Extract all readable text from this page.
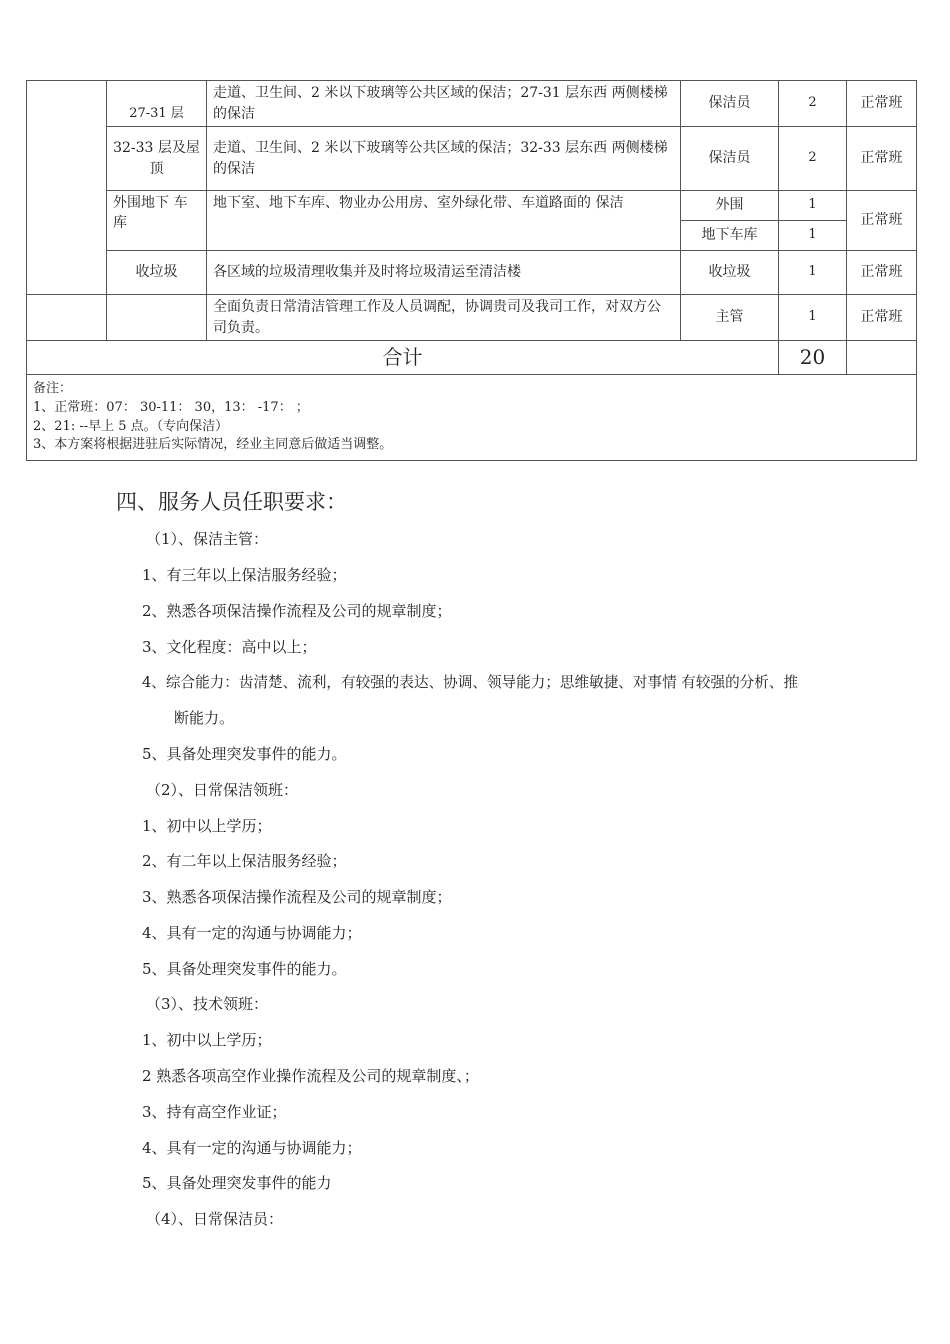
	27-31 层	走道、卫生间、2 米以下玻璃等公共区域的保洁；27-31 层东西 两侧楼梯的保洁	保洁员	2	正常班
	32-33 层及屋顶	走道、卫生间、2 米以下玻璃等公共区域的保洁；32-33 层东西 两侧楼梯的保洁	保洁员	2	正常班
	外围地下 车库	地下室、地下车库、物业办公用房、室外绿化带、车道路面的 保洁	外围	1	正常班
			地下车库	1	
	收垃圾	各区域的垃圾清理收集并及时将垃圾清运至清洁楼	收垃圾	1	正常班
		全面负责日常清洁管理工作及人员调配，协调贵司及我司工作，对双方公司负责。	主管	1	正常班
合计				20	

备注：
1、正常班：07： 30-11： 30，13： -17： ；
2、21: --早上 5 点。（专向保洁）
3、本方案将根据进驻后实际情况，经业主同意后做适当调整。					
四、服务人员任职要求：
（1）、保洁主管：
1、有三年以上保洁服务经验；
2、熟悉各项保洁操作流程及公司的规章制度；
3、文化程度：高中以上；
4、综合能力：齿清楚、流利，有较强的表达、协调、领导能力；思维敏捷、对事情 有较强的分析、推
断能力。
5、具备处理突发事件的能力。
（2）、日常保洁领班：
1、初中以上学历；
2、有二年以上保洁服务经验；
3、熟悉各项保洁操作流程及公司的规章制度；
4、具有一定的沟通与协调能力；
5、具备处理突发事件的能力。
（3）、技术领班：
1、初中以上学历；
2 熟悉各项高空作业操作流程及公司的规章制度、；
3、持有高空作业证；
4、具有一定的沟通与协调能力；
5、具备处理突发事件的能力
（4）、日常保洁员：
